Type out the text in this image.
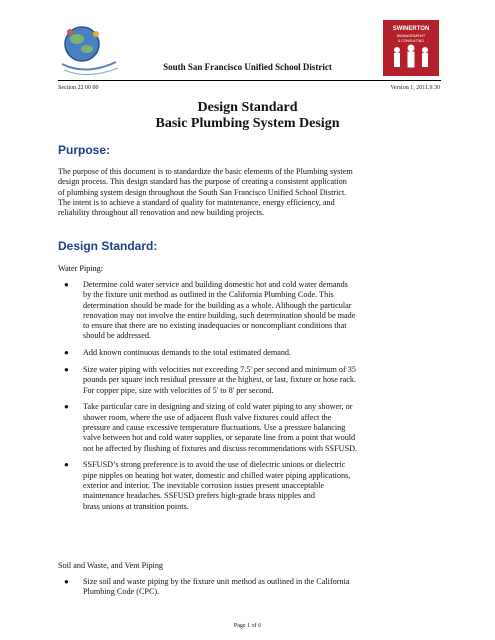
SWINERTON
MANAGEMENT
& CONSULTING
South San Francisco Unified School District
Section 22 00 00	Version 1, 2011.9.30
Design Standard
Basic Plumbing System Design
Purpose:
The purpose of this document is to standardize the basic elements of the Plumbing system
design process. This design standard has the purpose of creating a consistent application
of plumbing system design throughout the South San Francisco Unified School District.
The intent is to achieve a standard of quality for maintenance, energy efficiency, and
reliability throughout all renovation and new building projects.
Design Standard:
Water Piping:
● Determine cold water service and building domestic hot and cold water demands
by the fixture unit method as outlined in the California Plumbing Code. This
determination should be made for the building as a whole. Although the particular
renovation may not involve the entire building, such determination should be made
to ensure that there are no existing inadequacies or noncompliant conditions that
should be addressed.
● Add known continuous demands to the total estimated demand.
● Size water piping with velocities not exceeding 7.5' per second and minimum of 35
pounds per square inch residual pressure at the highest, or last, fixture or hose rack.
For copper pipe, size with velocities of 5' to 8' per second.
● Take particular care in designing and sizing of cold water piping to any shower, or
shower room, where the use of adjacent flush valve fixtures could affect the
pressure and cause excessive temperature fluctuations. Use a pressure balancing
valve between hot and cold water supplies, or separate line from a point that would
not be affected by flushing of fixtures and discuss recommendations with SSFUSD.
● SSFUSD’s strong preference is to avoid the use of dielectric unions or dielectric
pipe nipples on heating hot water, domestic and chilled water piping applications,
exterior and interior. The inevitable corrosion issues present unacceptable
maintenance headaches. SSFUSD prefers high-grade brass nipples and
brass unions at transition points.
Soil and Waste, and Vent Piping
● Size soil and waste piping by the fixture unit method as outlined in the California
Plumbing Code (CPC).
Page 1 of 6
